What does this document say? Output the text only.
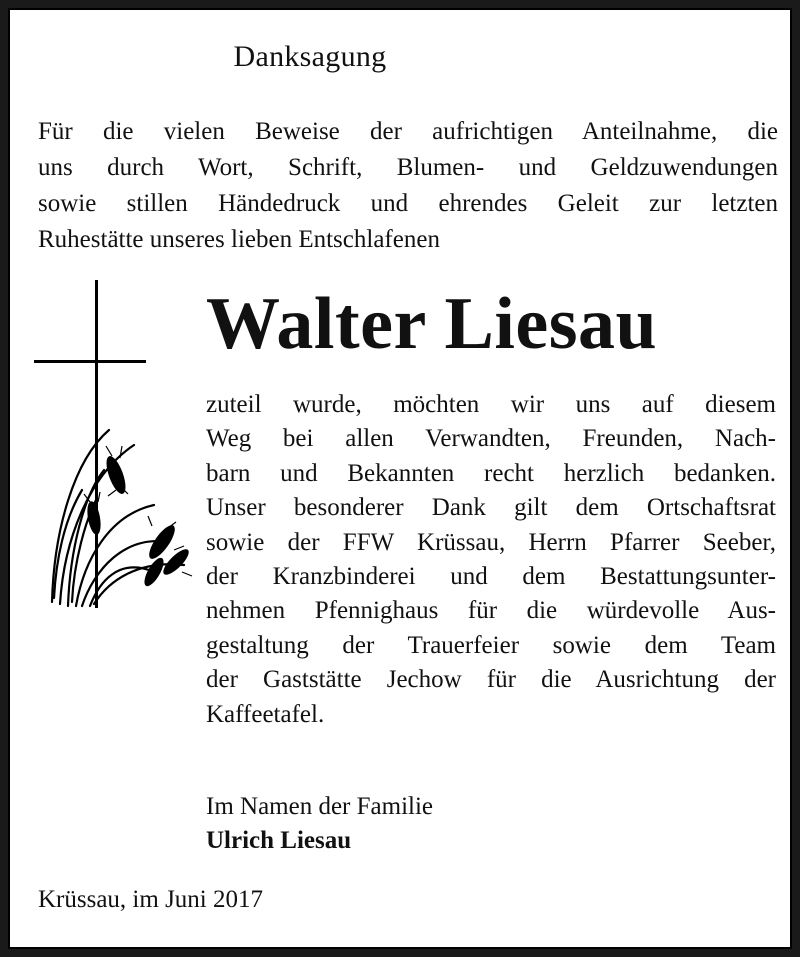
Danksagung
Für die vielen Beweise der aufrichtigen Anteilnahme, die
uns durch Wort, Schrift, Blumen- und Geldzuwendungen
sowie stillen Händedruck und ehrendes Geleit zur letzten
Ruhestätte unseres lieben Entschlafenen
Walter Liesau
zuteil wurde, möchten wir uns auf diesem
Weg bei allen Verwandten, Freunden, Nach-
barn und Bekannten recht herzlich bedanken.
Unser besonderer Dank gilt dem Ortschaftsrat
sowie der FFW Krüssau, Herrn Pfarrer Seeber,
der Kranzbinderei und dem Bestattungsunter-
nehmen Pfennighaus für die würdevolle Aus-
gestaltung der Trauerfeier sowie dem Team
der Gaststätte Jechow für die Ausrichtung der
Kaffeetafel.
Im Namen der Familie
Ulrich Liesau
Krüssau, im Juni 2017
